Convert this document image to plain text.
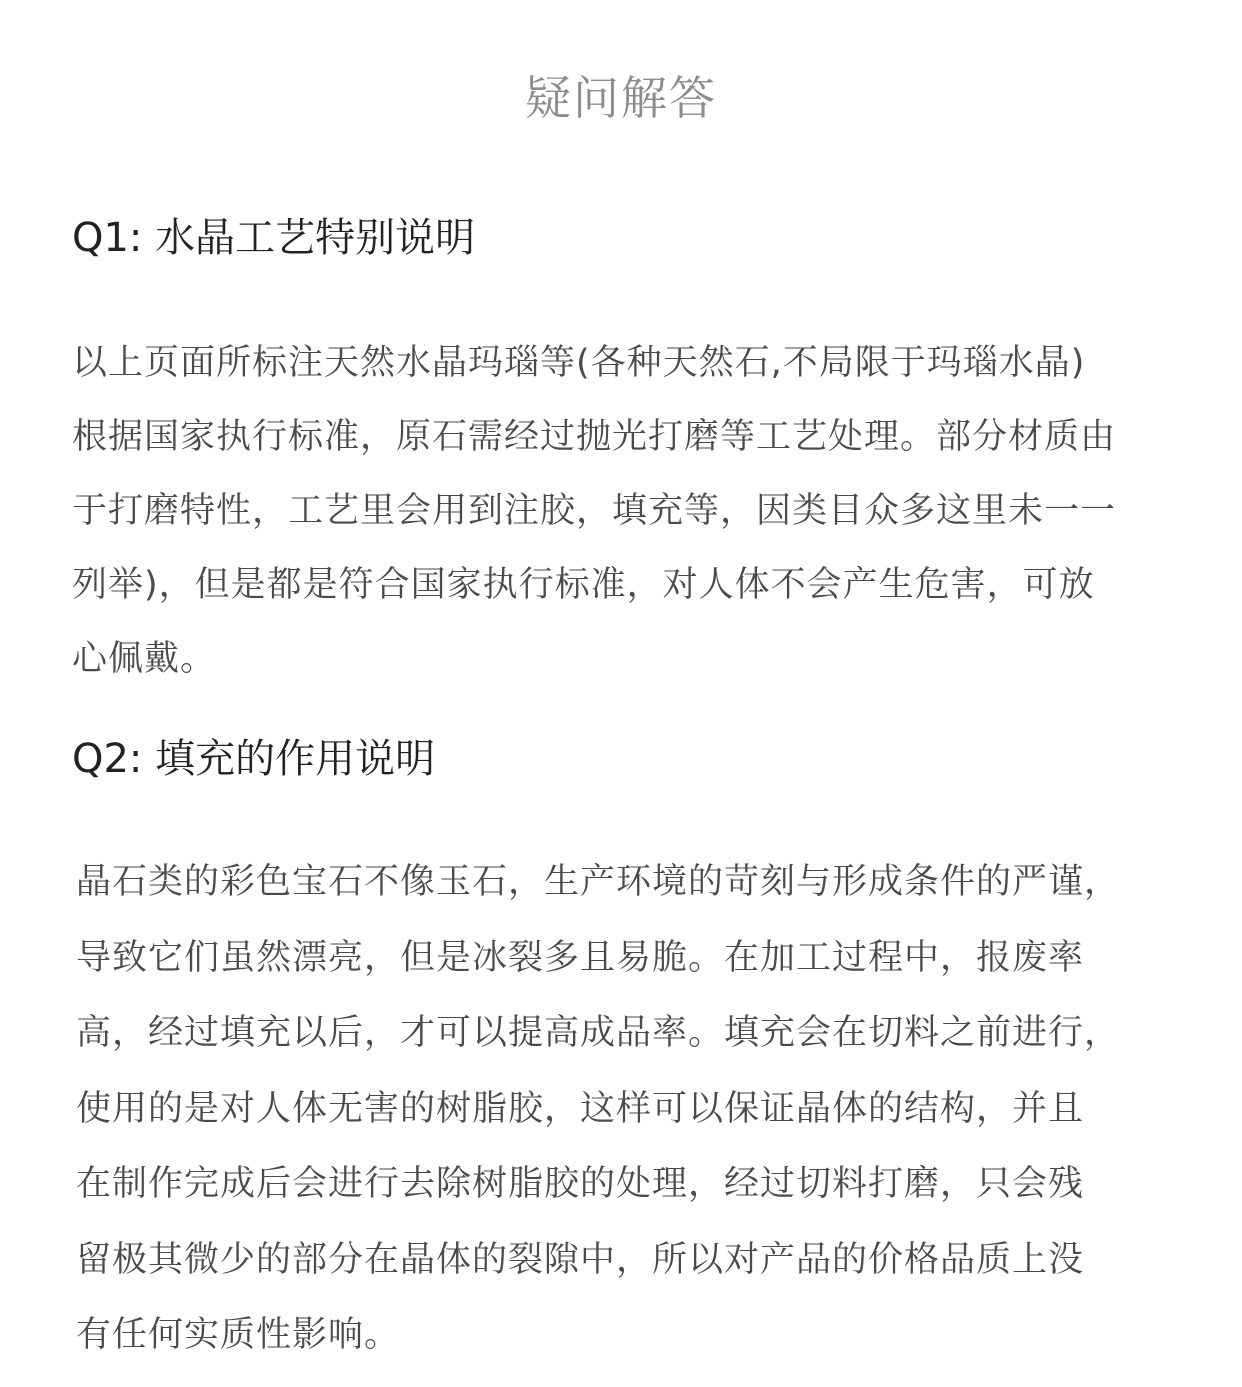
疑问解答
Q1: 水晶工艺特别说明

以上页面所标注天然水晶玛瑙等(各种天然石,不局限于玛瑙水晶)
根据国家执行标准，原石需经过抛光打磨等工艺处理。部分材质由
于打磨特性，工艺里会用到注胶，填充等，因类目众多这里未一一
列举)，但是都是符合国家执行标准，对人体不会产生危害，可放
心佩戴。

Q2: 填充的作用说明

晶石类的彩色宝石不像玉石，生产环境的苛刻与形成条件的严谨，
导致它们虽然漂亮，但是冰裂多且易脆。在加工过程中，报废率
高，经过填充以后，才可以提高成品率。填充会在切料之前进行，
使用的是对人体无害的树脂胶，这样可以保证晶体的结构，并且
在制作完成后会进行去除树脂胶的处理，经过切料打磨，只会残
留极其微少的部分在晶体的裂隙中，所以对产品的价格品质上没
有任何实质性影响。
